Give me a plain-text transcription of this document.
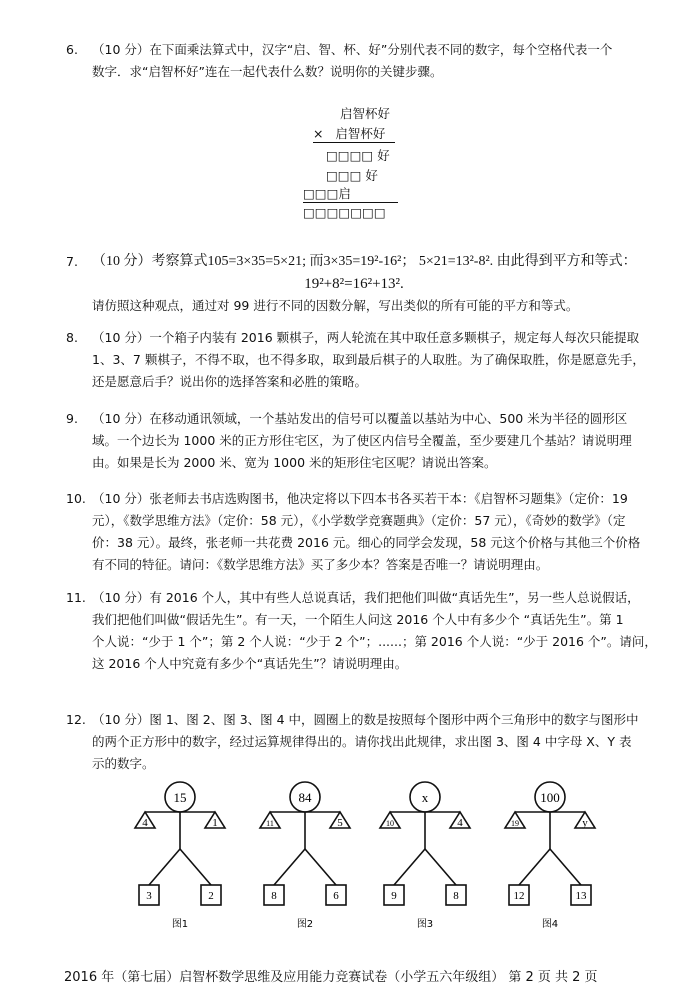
6. （10 分）在下面乘法算式中，汉字“启、智、杯、好”分别代表不同的数字，每个空格代表一个
数字．求“启智杯好”连在一起代表什么数？说明你的关键步骤。
启智杯好
× 启智杯好
□□□□ 好
□□□ 好
□□□启
□□□□□□□
7. （10 分）考察算式105=3×35=5×21; 而3×35=19²-16²； 5×21=13²-8². 由此得到平方和等式：
19²+8²=16²+13².
请仿照这种观点，通过对 99 进行不同的因数分解，写出类似的所有可能的平方和等式。
8. （10 分）一个箱子内装有 2016 颗棋子，两人轮流在其中取任意多颗棋子，规定每人每次只能提取
1、3、7 颗棋子，不得不取，也不得多取，取到最后棋子的人取胜。为了确保取胜，你是愿意先手，
还是愿意后手？说出你的选择答案和必胜的策略。
9. （10 分）在移动通讯领域，一个基站发出的信号可以覆盖以基站为中心、500 米为半径的圆形区
域。一个边长为 1000 米的正方形住宅区，为了使区内信号全覆盖，至少要建几个基站？请说明理
由。如果是长为 2000 米、宽为 1000 米的矩形住宅区呢？请说出答案。
10. （10 分）张老师去书店选购图书，他决定将以下四本书各买若干本：《启智杯习题集》（定价：19
元），《数学思维方法》（定价：58 元），《小学数学竞赛题典》（定价：57 元），《奇妙的数学》（定
价：38 元）。最终，张老师一共花费 2016 元。细心的同学会发现，58 元这个价格与其他三个价格
有不同的特征。请问：《数学思维方法》买了多少本？答案是否唯一？请说明理由。
11. （10 分）有 2016 个人，其中有些人总说真话，我们把他们叫做“真话先生”，另一些人总说假话，
我们把他们叫做“假话先生”。有一天，一个陌生人问这 2016 个人中有多少个 “真话先生”。第 1
个人说：“少于 1 个”；第 2 个人说：“少于 2 个”；......；第 2016 个人说：“少于 2016 个”。请问，
这 2016 个人中究竟有多少个“真话先生”？请说明理由。
12. （10 分）图 1、图 2、图 3、图 4 中，圆圈上的数是按照每个图形中两个三角形中的数字与图形中
的两个正方形中的数字，经过运算规律得出的。请你找出此规律，求出图 3、图 4 中字母 X、Y 表
示的数字。
15
4	1
3	2
图1
84
11	5
8	6
图2
x
10	4
9	8
图3
100
19	y
12	13
图4
2016 年（第七届）启智杯数学思维及应用能力竞赛试卷（小学五六年级组） 第 2 页 共 2 页
